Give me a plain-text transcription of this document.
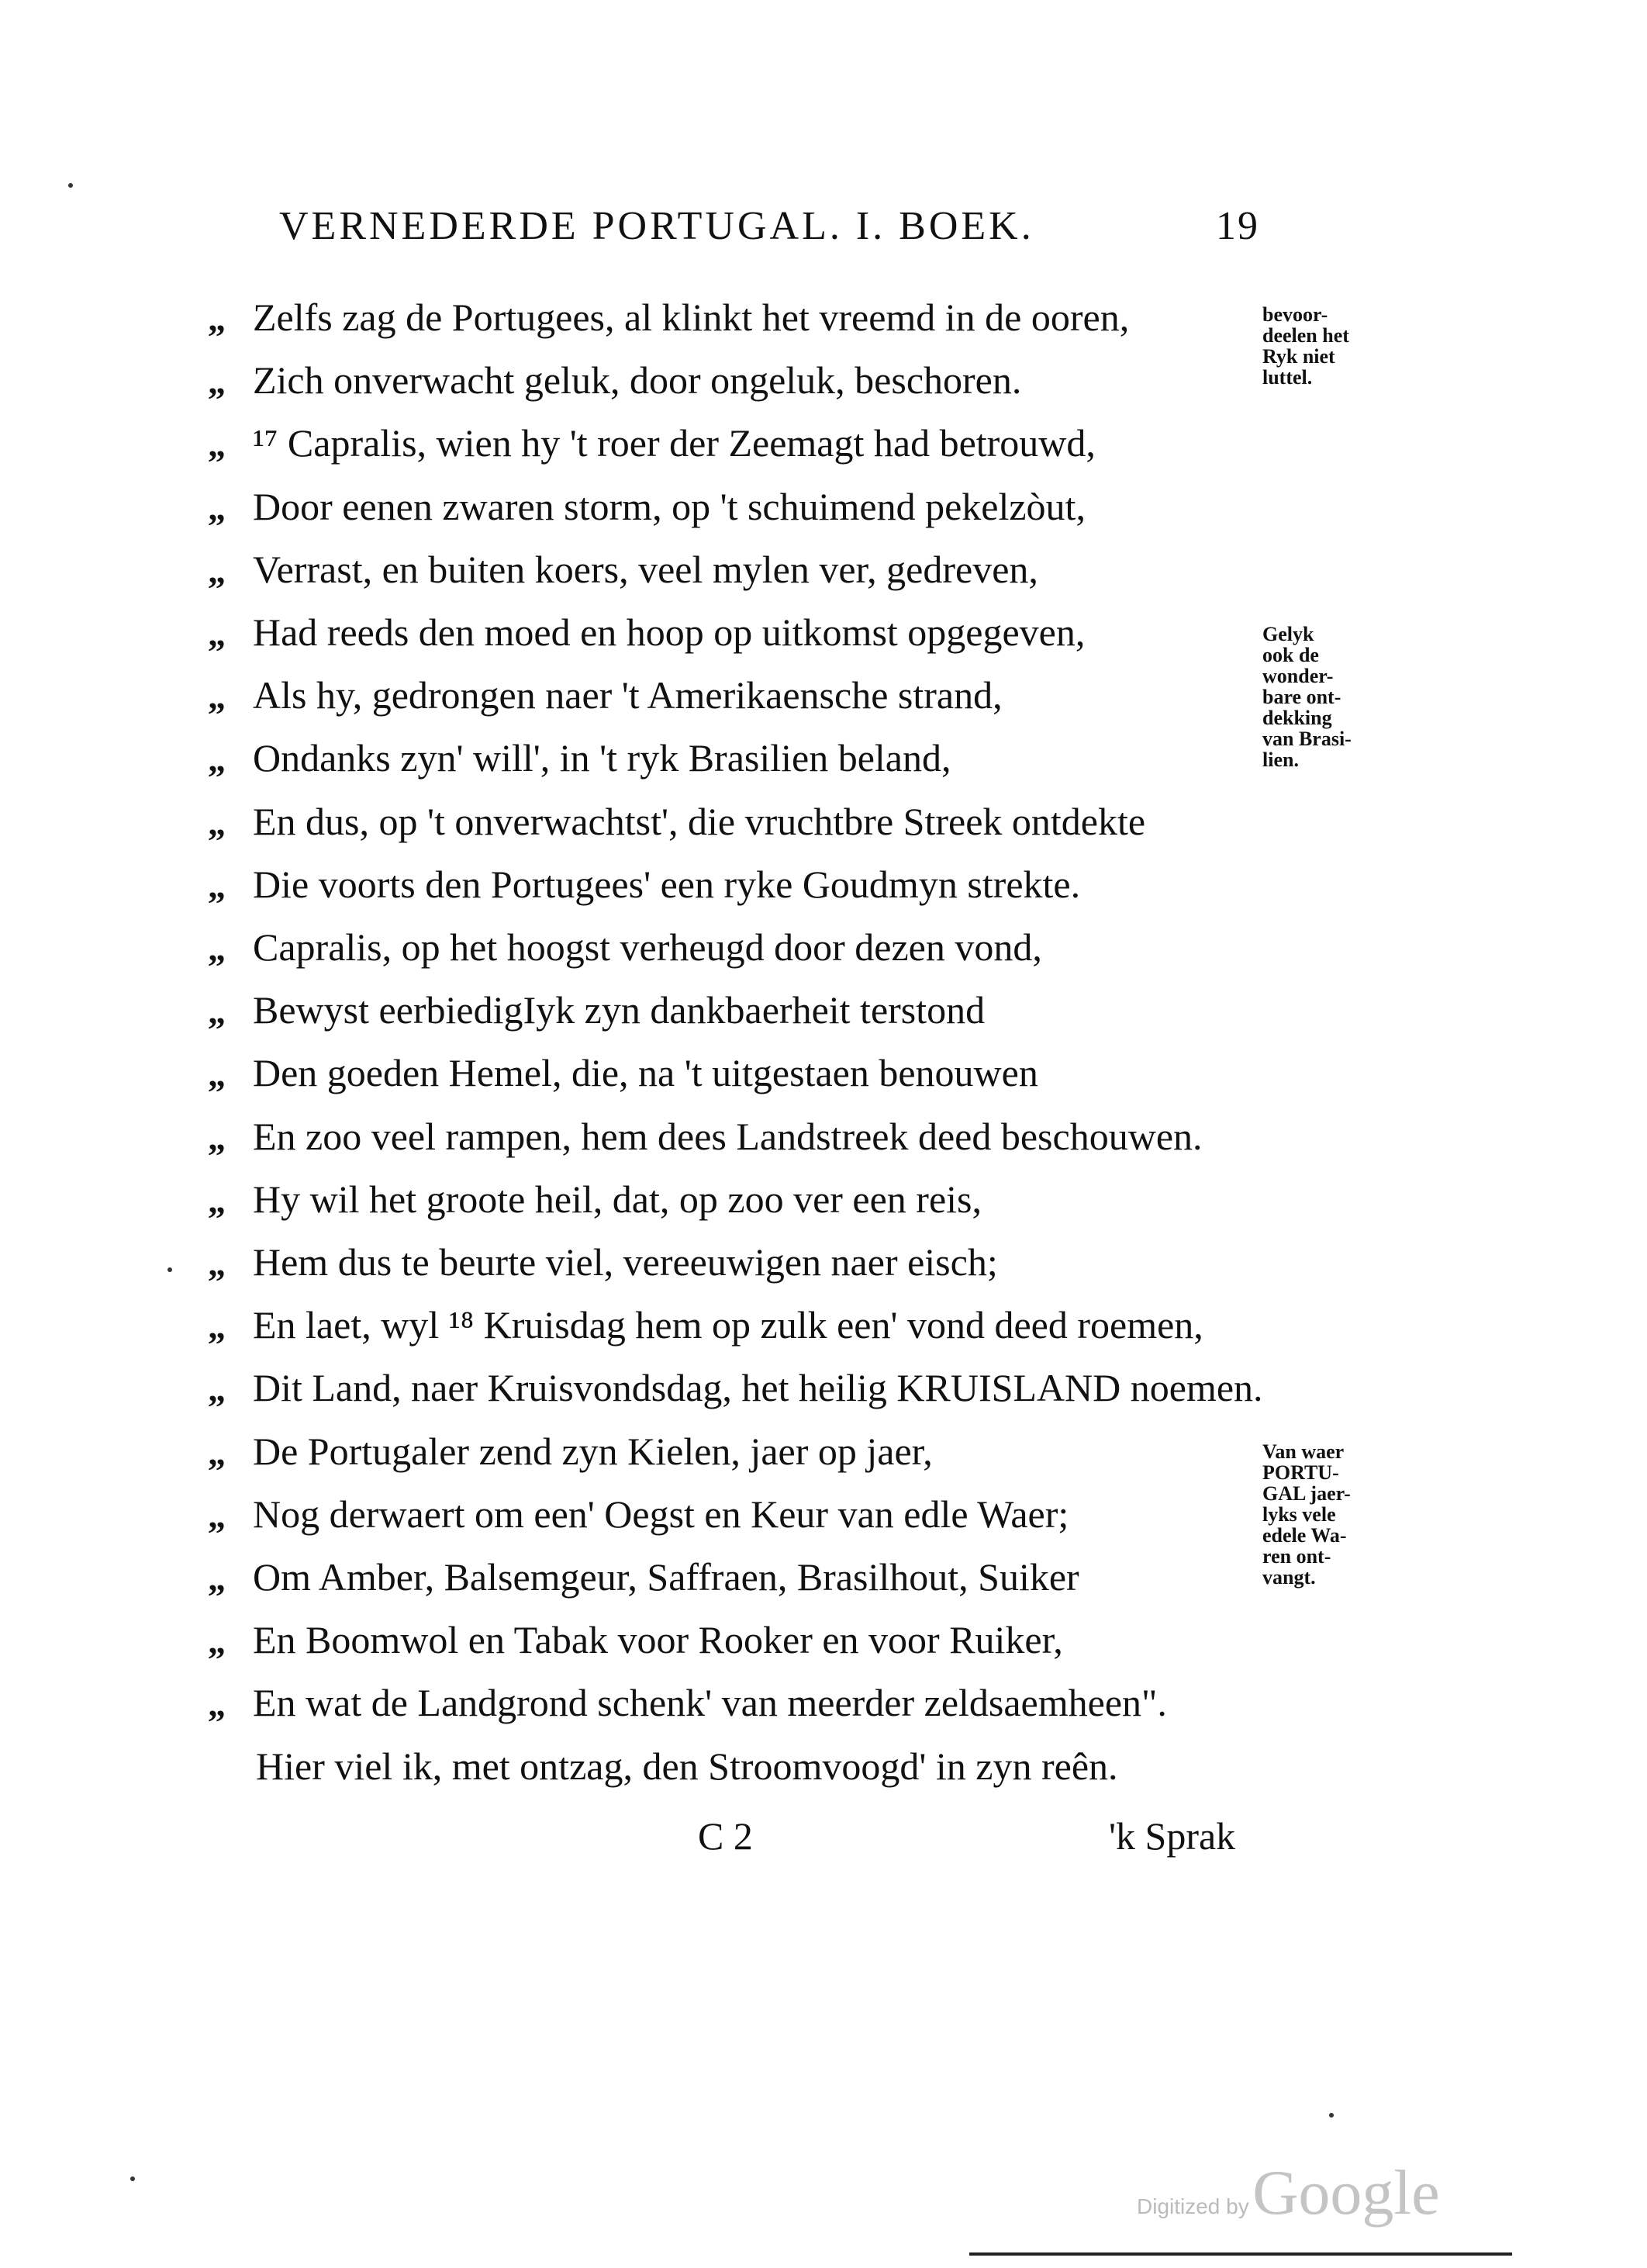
VERNEDERDE PORTUGAL. I. BOEK.	19
„ Zelfs zag de Portugees, al klinkt het vreemd in de ooren,
„ Zich onverwacht geluk, door ongeluk, beschoren.
„ ¹⁷ Capralis, wien hy 't roer der Zeemagt had betrouwd,
„ Door eenen zwaren storm, op 't schuimend pekelzòut,
„ Verrast, en buiten koers, veel mylen ver, gedreven,
„ Had reeds den moed en hoop op uitkomst opgegeven,
„ Als hy, gedrongen naer 't Amerikaensche strand,
„ Ondanks zyn' will', in 't ryk Brasilien beland,
„ En dus, op 't onverwachtst', die vruchtbre Streek ontdekte
„ Die voorts den Portugees' een ryke Goudmyn strekte.
„ Capralis, op het hoogst verheugd door dezen vond,
„ Bewyst eerbiedigIyk zyn dankbaerheit terstond
„ Den goeden Hemel, die, na 't uitgestaen benouwen
„ En zoo veel rampen, hem dees Landstreek deed beschouwen.
„ Hy wil het groote heil, dat, op zoo ver een reis,
„ Hem dus te beurte viel, vereeuwigen naer eisch;
„ En laet, wyl ¹⁸ Kruisdag hem op zulk een' vond deed roemen,
„ Dit Land, naer Kruisvondsdag, het heilig KRUISLAND noemen.
„ De Portugaler zend zyn Kielen, jaer op jaer,
„ Nog derwaert om een' Oegst en Keur van edle Waer;
„ Om Amber, Balsemgeur, Saffraen, Brasilhout, Suiker
„ En Boomwol en Tabak voor Rooker en voor Ruiker,
„ En wat de Landgrond schenk' van meerder zeldsaemheen".
Hier viel ik, met ontzag, den Stroomvoogd' in zyn reên.
bevoor-
deelen het
Ryk niet
luttel.
Gelyk
ook de
wonder-
bare ont-
dekking
van Brasi-
lien.
Van waer
PORTU-
GAL jaer-
lyks vele
edele Wa-
ren ont-
vangt.
C 2	'k Sprak
Digitized by Google
